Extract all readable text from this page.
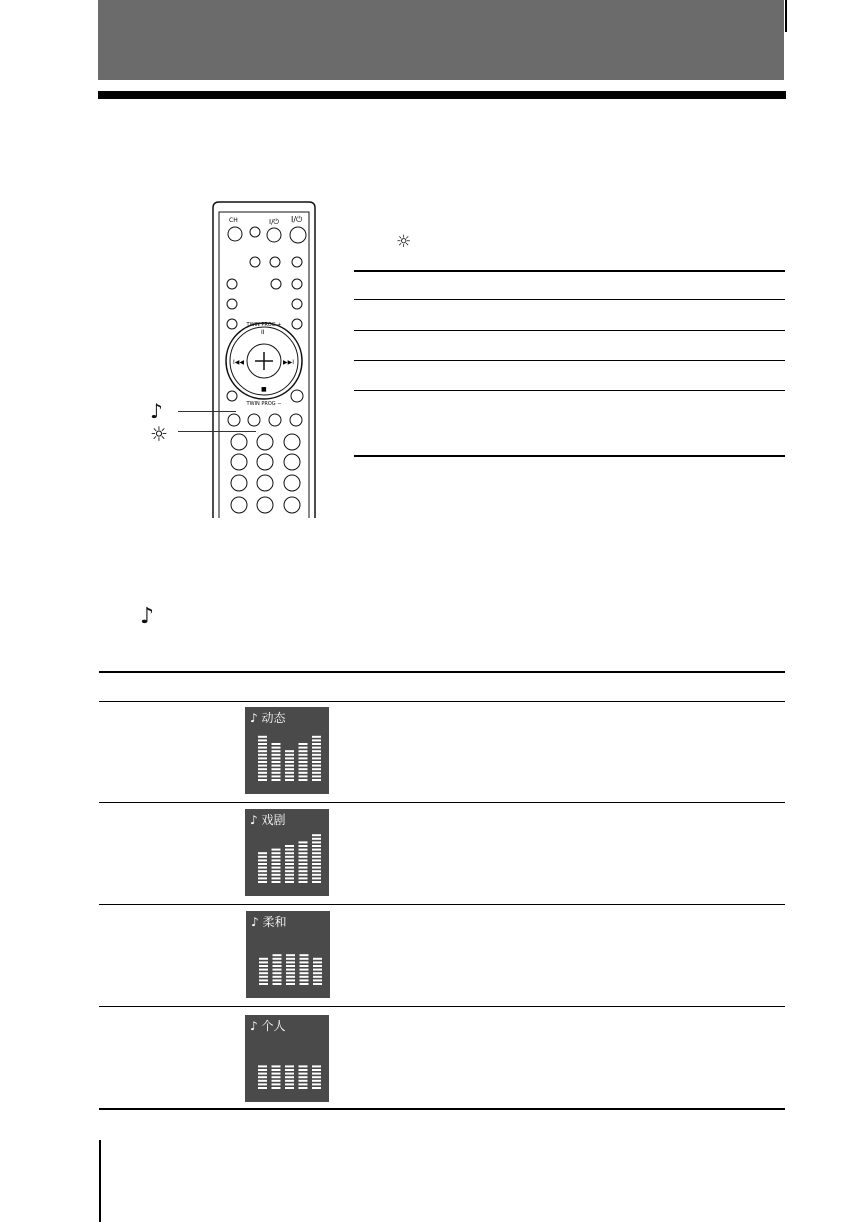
CH	I/⏻ I/⏻
TWIN PROG +
II
■
I◀◀	▶▶I
TWIN PROG −
♪
☼
☼
♪
♪ 动态
♪ 戏剧
♪ 柔和
♪ 个人
